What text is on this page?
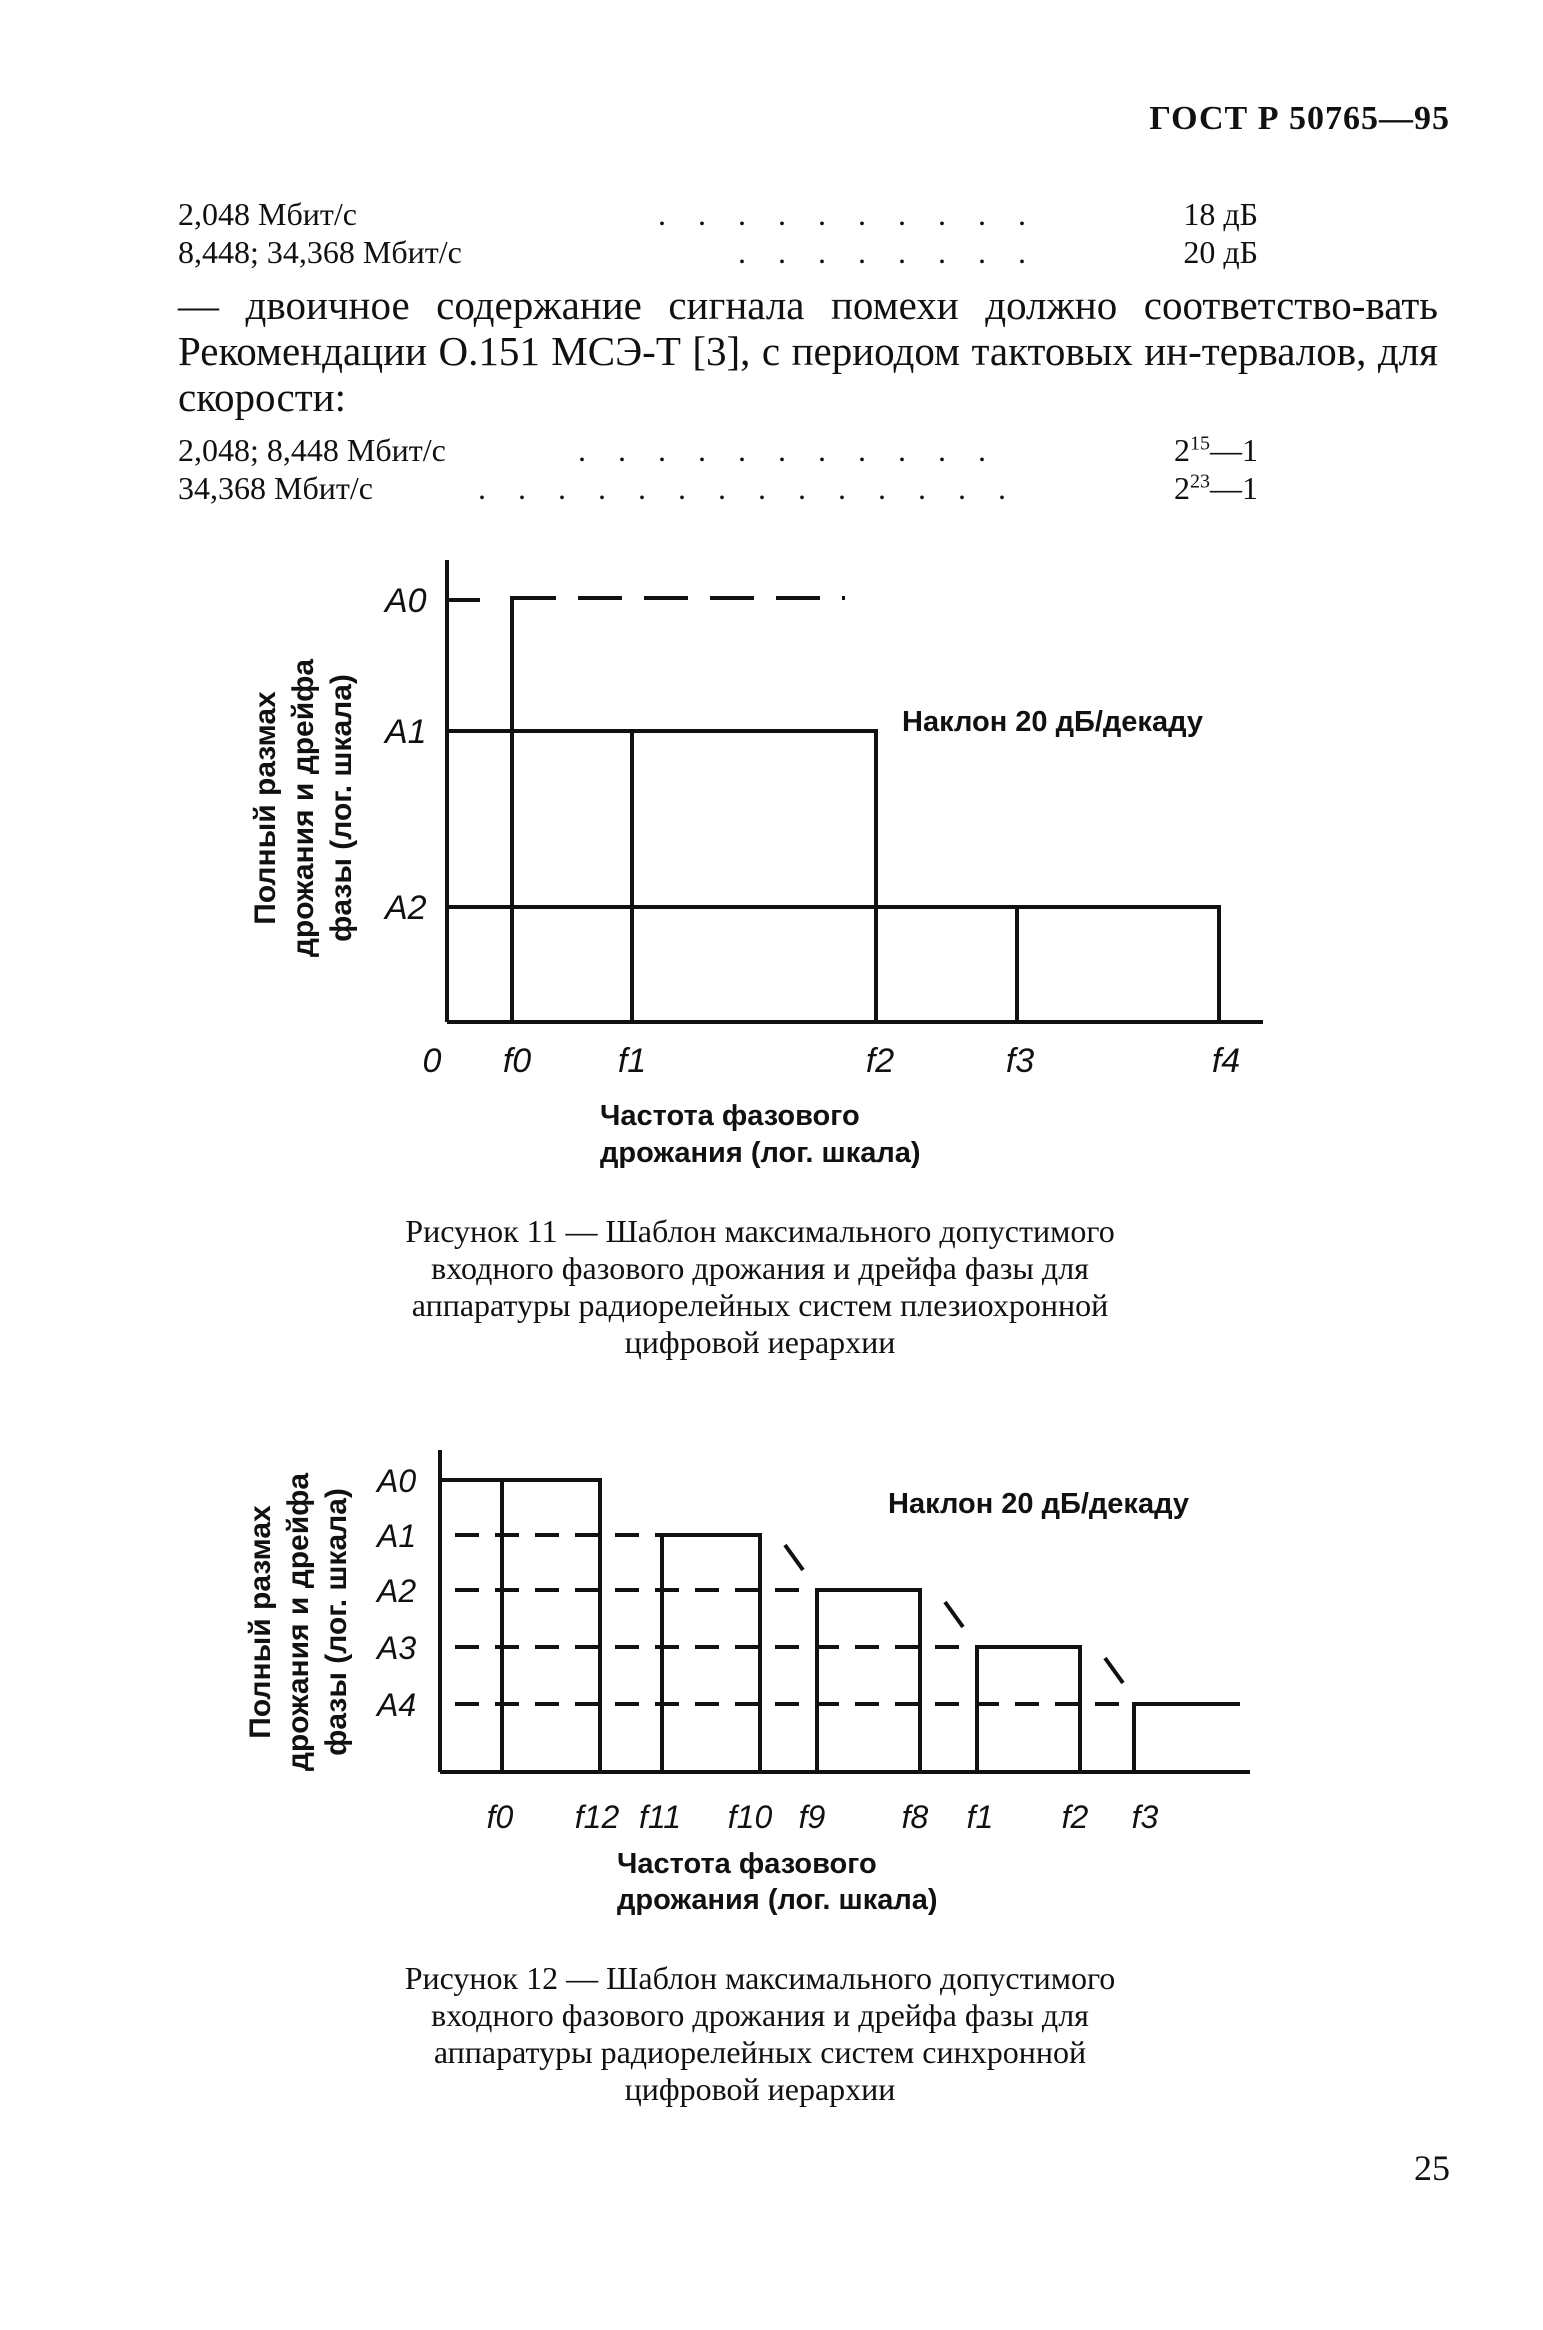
ГОСТ Р 50765—95
2,048 Мбит/с	.    .    .    .    .    .    .    .    .    .	18 дБ
8,448; 34,368 Мбит/с	.    .    .    .    .    .    .    .	20 дБ
— двоичное содержание сигнала помехи должно соответство-вать Рекомендации O.151 МСЭ-Т [3], с периодом тактовых ин-тервалов, для скорости:
2,048; 8,448 Мбит/с	.    .    .    .    .    .    .    .    .    .    .	$2^{15}—1$
34,368 Мбит/с	.    .    .    .    .    .    .    .    .    .    .    .    .    .	$2^{23}—1$
Полный размах дрожания и дрейфа фазы (лог. шкала)
A0
A1
A2
Наклон 20 дБ/декаду
0 f0	f1	f2	f3	f4
Частота фазового
дрожания (лог. шкала)
Рисунок 11 — Шаблон максимального допустимого
входного фазового дрожания и дрейфа фазы для
аппаратуры радиорелейных систем плезиохронной
цифровой иерархии
Полный размах дрожания и дрейфа фазы (лог. шкала)
A0
A1
A2
A3
A4
Наклон 20 дБ/декаду
f0 f12 f11 f10 f9 f8 f1 f2 f3
Частота фазового
дрожания (лог. шкала)
Рисунок 12 — Шаблон максимального допустимого
входного фазового дрожания и дрейфа фазы для
аппаратуры радиорелейных систем синхронной
цифровой иерархии
25
